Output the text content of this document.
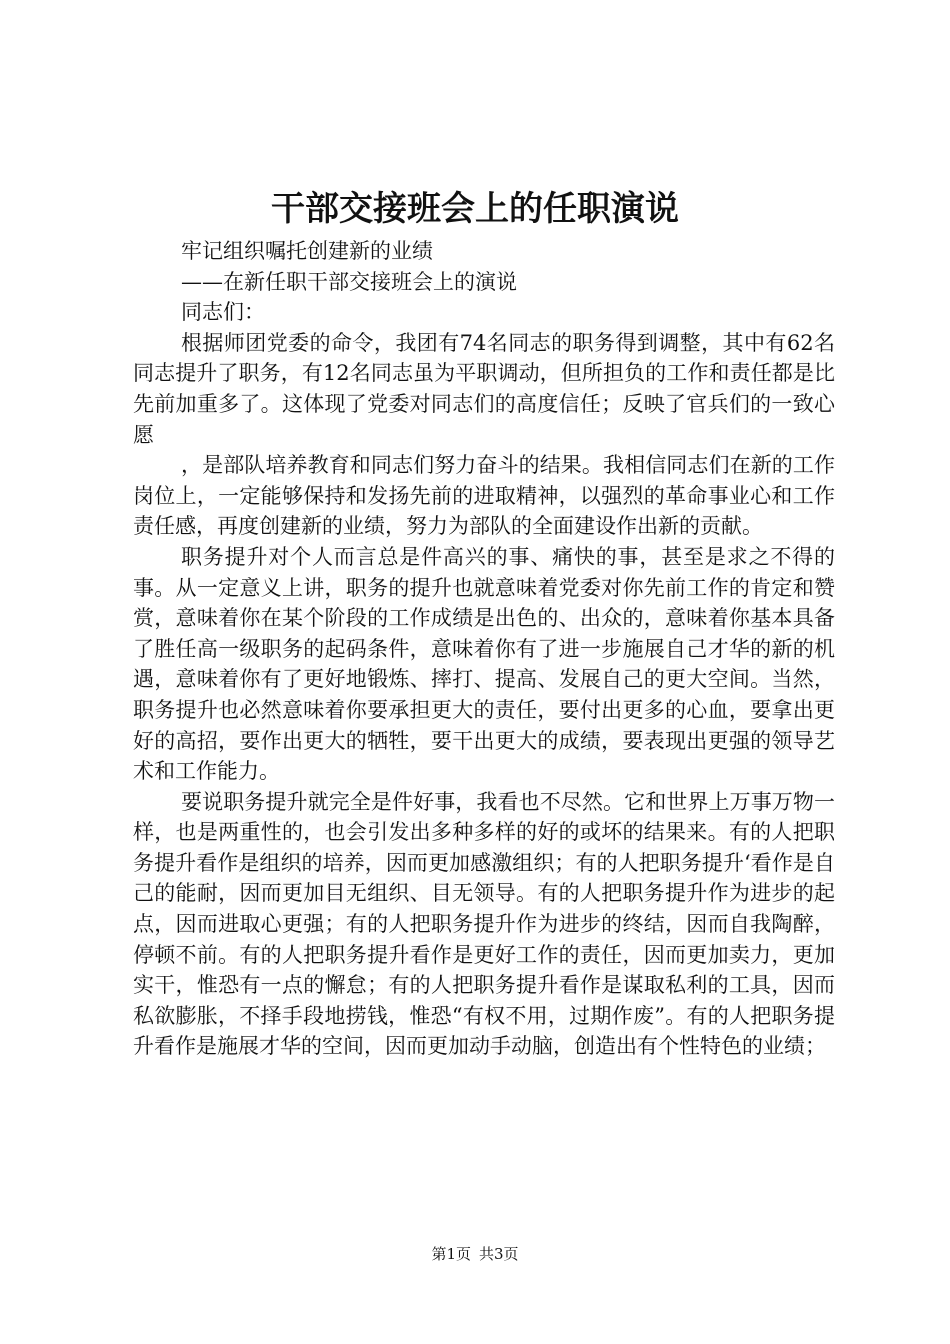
干部交接班会上的任职演说

牢记组织嘱托创建新的业绩

——在新任职干部交接班会上的演说

同志们：

根据师团党委的命令，我团有74名同志的职务得到调整，其中有62名同志提升了职务，有12名同志虽为平职调动，但所担负的工作和责任都是比先前加重多了。这体现了党委对同志们的高度信任；反映了官兵们的一致心愿

，是部队培养教育和同志们努力奋斗的结果。我相信同志们在新的工作岗位上，一定能够保持和发扬先前的进取精神，以强烈的革命事业心和工作责任感，再度创建新的业绩，努力为部队的全面建设作出新的贡献。

职务提升对个人而言总是件高兴的事、痛快的事，甚至是求之不得的事。从一定意义上讲，职务的提升也就意味着党委对你先前工作的肯定和赞赏，意味着你在某个阶段的工作成绩是出色的、出众的，意味着你基本具备了胜任高一级职务的起码条件，意味着你有了进一步施展自己才华的新的机遇，意味着你有了更好地锻炼、摔打、提高、发展自己的更大空间。当然，职务提升也必然意味着你要承担更大的责任，要付出更多的心血，要拿出更好的高招，要作出更大的牺牲，要干出更大的成绩，要表现出更强的领导艺术和工作能力。

要说职务提升就完全是件好事，我看也不尽然。它和世界上万事万物一样，也是两重性的，也会引发出多种多样的好的或坏的结果来。有的人把职务提升看作是组织的培养，因而更加感激组织；有的人把职务提升‘看作是自己的能耐，因而更加目无组织、目无领导。有的人把职务提升作为进步的起点，因而进取心更强；有的人把职务提升作为进步的终结，因而自我陶醉，停顿不前。有的人把职务提升看作是更好工作的责任，因而更加卖力，更加实干，惟恐有一点的懈怠；有的人把职务提升看作是谋取私利的工具，因而私欲膨胀，不择手段地捞钱，惟恐“有权不用，过期作废”。有的人把职务提升看作是施展才华的空间，因而更加动手动脑，创造出有个性特色的业绩；

第1页 共3页
